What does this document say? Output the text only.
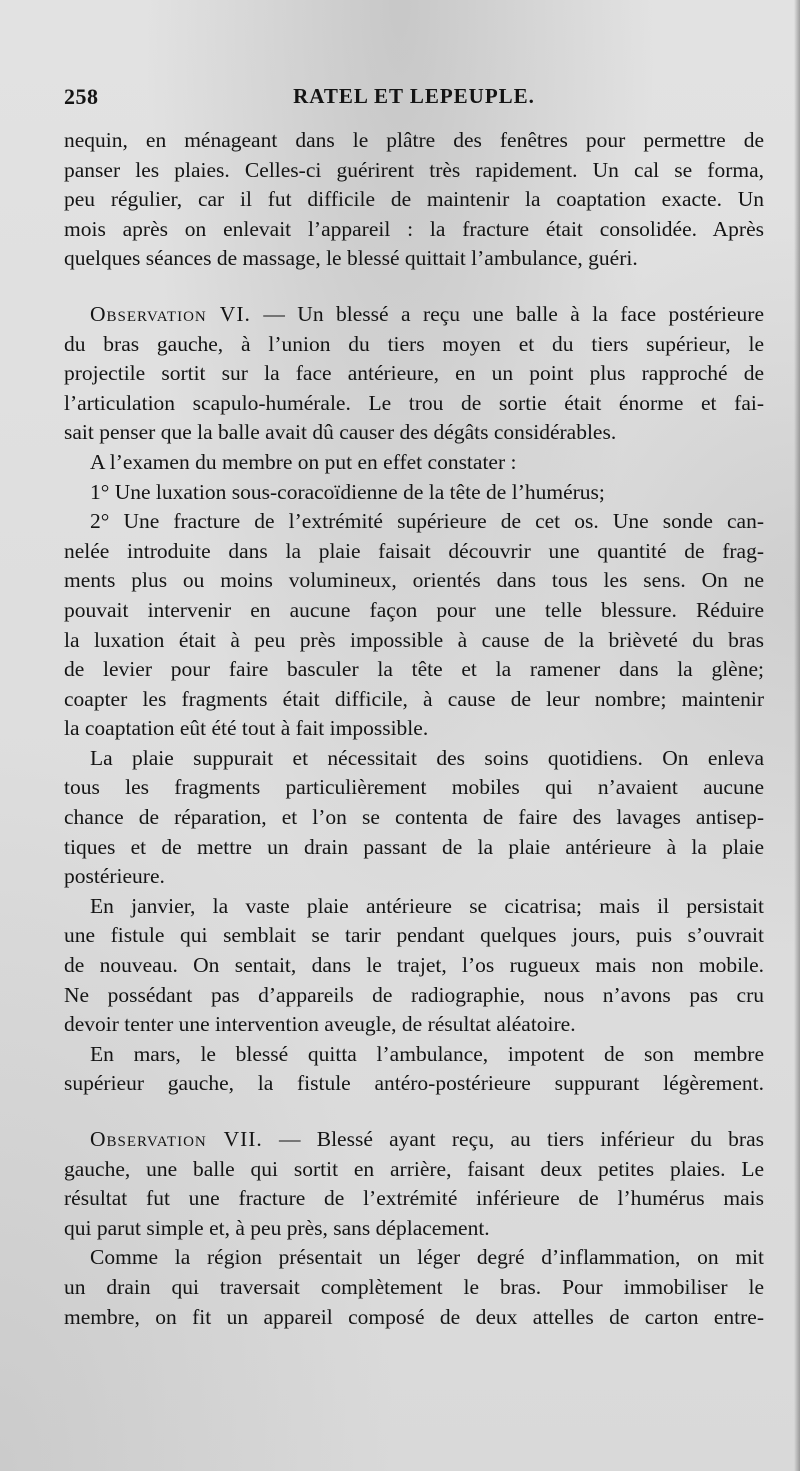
RATEL ET LEPEUPLE.
258
nequin, en ménageant dans le plâtre des fenêtres pour permettre de
panser les plaies. Celles-ci guérirent très rapidement. Un cal se forma,
peu régulier, car il fut difficile de maintenir la coaptation exacte. Un
mois après on enlevait l’appareil : la fracture était consolidée. Après
quelques séances de massage, le blessé quittait l’ambulance, guéri.
Observation VI. — Un blessé a reçu une balle à la face postérieure
du bras gauche, à l’union du tiers moyen et du tiers supérieur, le
projectile sortit sur la face antérieure, en un point plus rapproché de
l’articulation scapulo-humérale. Le trou de sortie était énorme et fai-
sait penser que la balle avait dû causer des dégâts considérables.
A l’examen du membre on put en effet constater :
1° Une luxation sous-coracoïdienne de la tête de l’humérus;
2° Une fracture de l’extrémité supérieure de cet os. Une sonde can-
nelée introduite dans la plaie faisait découvrir une quantité de frag-
ments plus ou moins volumineux, orientés dans tous les sens. On ne
pouvait intervenir en aucune façon pour une telle blessure. Réduire
la luxation était à peu près impossible à cause de la brièveté du bras
de levier pour faire basculer la tête et la ramener dans la glène;
coapter les fragments était difficile, à cause de leur nombre; maintenir
la coaptation eût été tout à fait impossible.
La plaie suppurait et nécessitait des soins quotidiens. On enleva
tous les fragments particulièrement mobiles qui n’avaient aucune
chance de réparation, et l’on se contenta de faire des lavages antisep-
tiques et de mettre un drain passant de la plaie antérieure à la plaie
postérieure.
En janvier, la vaste plaie antérieure se cicatrisa; mais il persistait
une fistule qui semblait se tarir pendant quelques jours, puis s’ouvrait
de nouveau. On sentait, dans le trajet, l’os rugueux mais non mobile.
Ne possédant pas d’appareils de radiographie, nous n’avons pas cru
devoir tenter une intervention aveugle, de résultat aléatoire.
En mars, le blessé quitta l’ambulance, impotent de son membre
supérieur gauche, la fistule antéro-postérieure suppurant légèrement.
Observation VII. — Blessé ayant reçu, au tiers inférieur du bras
gauche, une balle qui sortit en arrière, faisant deux petites plaies. Le
résultat fut une fracture de l’extrémité inférieure de l’humérus mais
qui parut simple et, à peu près, sans déplacement.
Comme la région présentait un léger degré d’inflammation, on mit
un drain qui traversait complètement le bras. Pour immobiliser le
membre, on fit un appareil composé de deux attelles de carton entre-
